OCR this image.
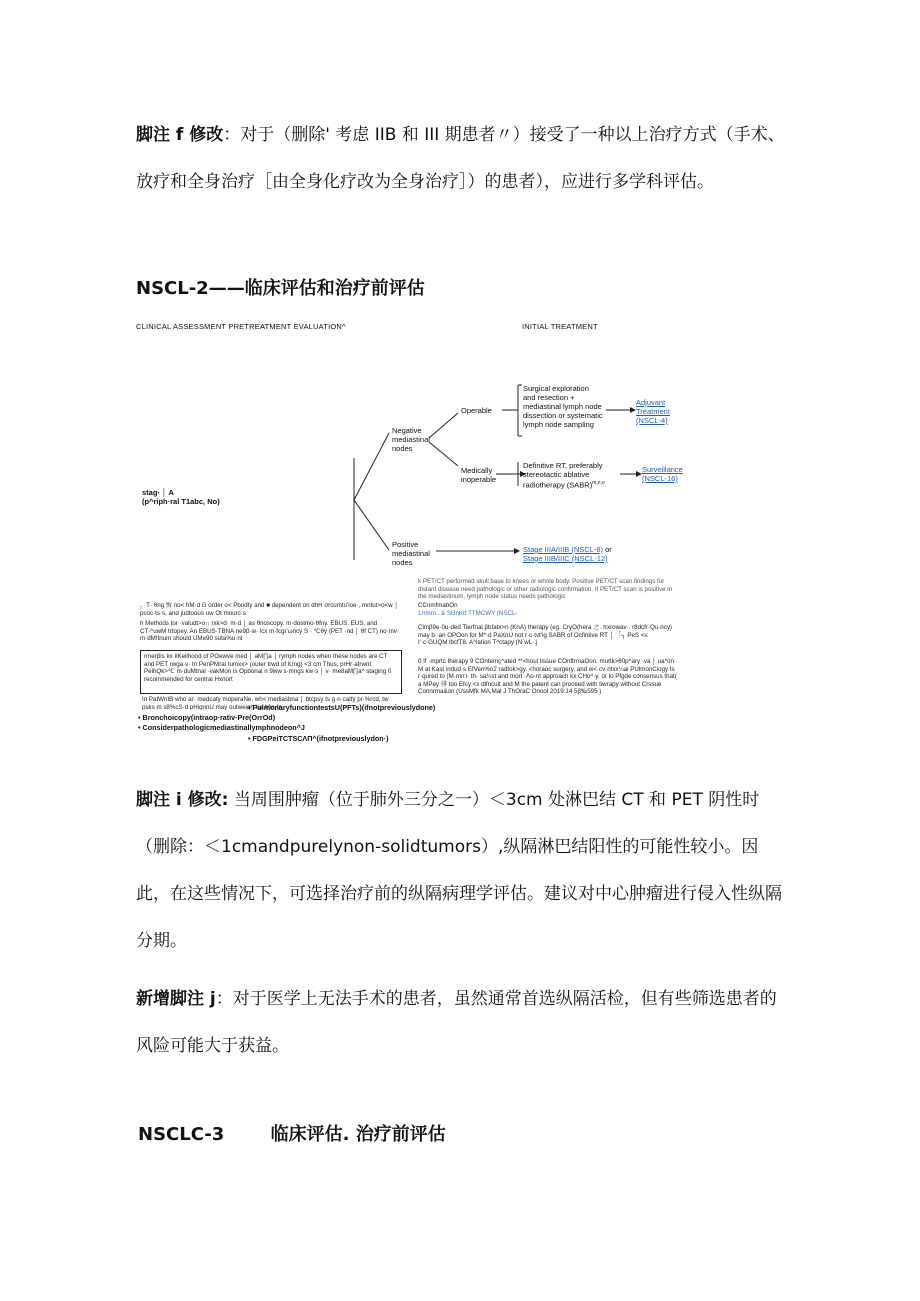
脚注 f 修改：对于（删除' 考虑 IIB 和 III 期患者〃）接受了一种以上治疗方式（手术、放疗和全身治疗［由全身化疗改为全身治疗］）的患者），应进行多学科评估。

NSCL-2——临床评估和治疗前评估
CLINICAL ASSESSMENT PRETREATMENT EVALUATION^	INITIAL TREATMENT
stag· │ A
(p^riph·ral T1abc, No)
Negative mediastinal nodes
Positive mediastinal nodes
Operable
Medically inoperable
Surgical exploration and resection + mediastinal lymph node dissection or systematic lymph node sampling
Adjuvant Treatment (NSCL-4)
Definitive RT, preferably stereotactic ablative radiotherapy (SABR)$^{m,n,o}$
Surveillance (NSCL-16)
Stage IIIA/IIIB (NSCL-8) or
Stage IIIB/IIIC (NSCL-12)
k PET/CT performed skull base to knees or whole body. Positive PET/CT scan findings for distant disease need pathologic or other radiologic confirmation. If PET/CT scan is positive in the mediastinum, lymph node status needs pathologic
。T· θng 悔 no< hM·d G order o< Pbodty and ■ dependent on dhH σrcumtu'ioe·, mntut>o<w │ pcoc·ts·s, and judtoous uw Ot mourc·s
h Methods tor ·valudt>o∩ rxk>d· m·d │ as θnoscopy. m·dostmo·θfny. EBUS. EUS. and CT·^uwM trtopey. An EBUS·TBNA ne9β·w· lcx m·fcgr'ωncy S · ℃θy (PET ·nd │ θf CT) no·mv· m·dM!tnum should UMe90 suta%u·nt
rmerβis kx IlKeilhood of POewve med │ aM∏a │ rymph nodes when these nodes are CT and PET rwga·v· tn PenPMrai tumxx> (outer trwd of lUng) <3 cm Thus, prHr·atrwnt PeihQk>℃ m·duMtnal ·vakMon is Opbonal n 9ww s·mngs kw·s │ v· me8aM∏a^ staging 0 recommended for central Hxnort
In PatWntB who ar· medcaty moperaNe, wh< mediasbna │ btcpsy ts g·n·calty pr·%rcd, tw psks m s8%cS·d pHignnU may outweigh tiw bfin·fn
CCnmfmabOn
1rrmm.. & SUnKtf TTMCWY (NSCL-
Clmβ9e·0u·ded Tierfnal βbfatx>n (KnA) therapy (eg. CryO(hera 之. πxrowav·. r8dcfr·Qu·ncy) may b· an OPOon for M*·d PaXnU not r·c·tvt'ig SABR of Ocfintive RT │ 「┐ PeS <≤ I'·c·GUQM lbcfT8. A^iation T^ctapy (N`wL-:j
0 If ·mprtc therapy 9 COntemç^ated **<houl tissue COnftrmaOon. muttk>θ0p^ary ·va │ ua*on M at Kast indud·s EfVen%o2 radtok>gy. <horaαc surgery, and w<·cv·ntxx¼ai PUlmonCiogy ts r·qured to (M·mn'i· th· sa¼st and mort ·Λo·nt approach kx CHo^·y. or lo Pfgde consensus that( a MPey 徘 too Efcy <x dlfncuit and M the patent can proceed with tiwrapy without Crssue Connrma&on (UssMfk MA,Mal J ThOraC Onool 2019:14 5β‰595 )
• PulmonaryfunctiontestsU(PFTs)(ifnotpreviouslydone)
• Bronchoicopy(intraop·rativ·Pre(OrrOd)
• Considerpathologicmediastinallymphnodeon^J
• FDGPeiTCTSCΛΠ^(ifnotpreviouslydon·)

脚注 i 修改: 当周围肿瘤（位于肺外三分之一）＜3cm 处淋巴结 CT 和 PET 阴性时（删除：＜1cmandpurelynon-solidtumors）,纵隔淋巴结阳性的可能性较小。因此，在这些情况下，可选择治疗前的纵隔病理学评估。建议对中心肿瘤进行侵入性纵隔分期。

新增脚注 j：对于医学上无法手术的患者，虽然通常首选纵隔活检，但有些筛选患者的风险可能大于获益。

NSCLC-3	临床评估. 治疗前评估
